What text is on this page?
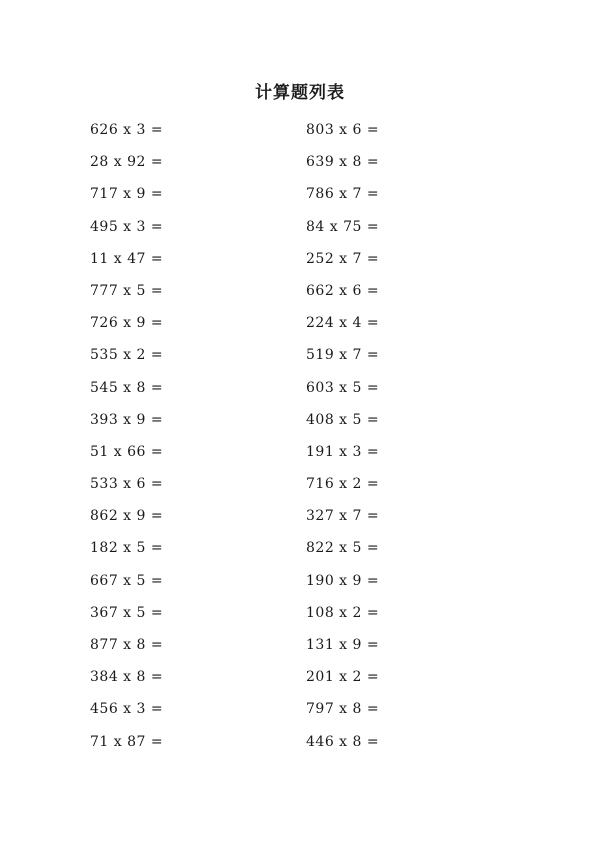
计算题列表
626 x 3 =
28 x 92 =
717 x 9 =
495 x 3 =
11 x 47 =
777 x 5 =
726 x 9 =
535 x 2 =
545 x 8 =
393 x 9 =
51 x 66 =
533 x 6 =
862 x 9 =
182 x 5 =
667 x 5 =
367 x 5 =
877 x 8 =
384 x 8 =
456 x 3 =
71 x 87 =
803 x 6 =
639 x 8 =
786 x 7 =
84 x 75 =
252 x 7 =
662 x 6 =
224 x 4 =
519 x 7 =
603 x 5 =
408 x 5 =
191 x 3 =
716 x 2 =
327 x 7 =
822 x 5 =
190 x 9 =
108 x 2 =
131 x 9 =
201 x 2 =
797 x 8 =
446 x 8 =
